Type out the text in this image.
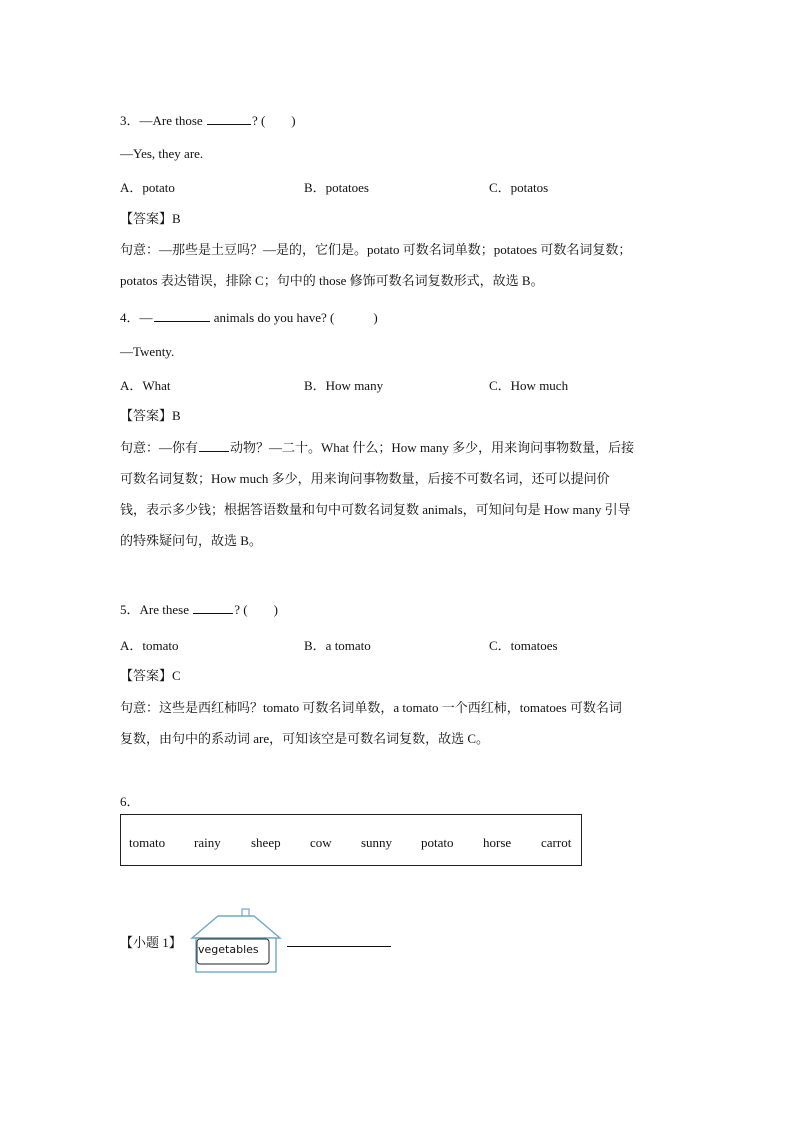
3．—Are those	? (　　)
—Yes, they are.
A．potato	B．potatoes	C．potatos
【答案】B
句意：—那些是土豆吗？—是的，它们是。potato 可数名词单数；potatoes 可数名词复数；
potatos 表达错误，排除 C；句中的 those 修饰可数名词复数形式，故选 B。
4．—	animals do you have? (　　　)
—Twenty.
A．What	B．How many	C．How much
【答案】B
句意：—你有 动物？—二十。What 什么；How many 多少，用来询问事物数量，后接
可数名词复数；How much 多少，用来询问事物数量，后接不可数名词，还可以提问价
钱，表示多少钱；根据答语数量和句中可数名词复数 animals，可知问句是 How many 引导
的特殊疑问句，故选 B。
5．Are these	? (　　)
A．tomato	B．a tomato	C．tomatoes
【答案】C
句意：这些是西红柿吗？tomato 可数名词单数，a tomato 一个西红柿，tomatoes 可数名词
复数，由句中的系动词 are，可知该空是可数名词复数，故选 C。
6．
tomato rainy sheep cow sunny potato horse carrot
【小题 1】 vegetables
